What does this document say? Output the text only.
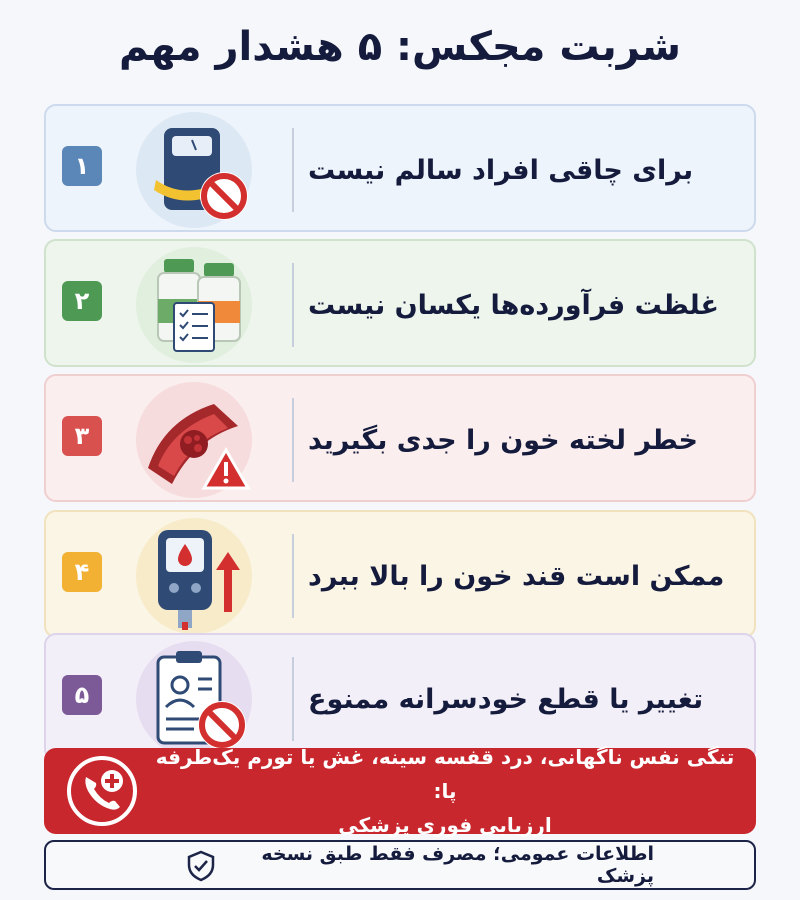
شربت مجکس: ۵ هشدار مهم
۱	برای چاقی افراد سالم نیست
۲	غلظت فرآورده‌ها یکسان نیست
۳	خطر لخته خون را جدی بگیرید
۴	ممکن است قند خون را بالا ببرد
۵	تغییر یا قطع خودسرانه ممنوع
تنگی نفس ناگهانی، درد قفسه سینه، غش یا تورم یک‌طرفه پا:
ارزیابی فوری پزشکی
اطلاعات عمومی؛ مصرف فقط طبق نسخه پزشک
